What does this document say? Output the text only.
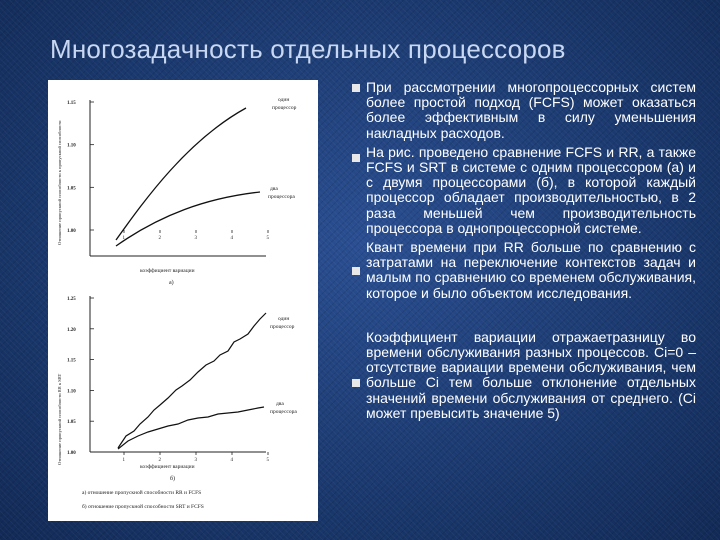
Многозадачность отдельных процессоров
Отношение пропускной способности к пропускной способности
1.15
1.10
1.05
1.00
1	2	3	4	5
один
процессор
два
процессора
коэффициент вариации
a)
Отношение пропускной способности RR к SRT
1.25
1.20
1.15
1.10
1.05
1.00
1	2	3	4	5
один
процессор
два
процессора
коэффициент вариации
б)
а) отношение пропускной способности RR и FCFS
б) отношение пропускной способности SRT и FCFS

При рассмотрении многопроцессорных систем более простой подход (FCFS) может оказаться более эффективным в силу уменьшения накладных расходов.

На рис. проведено сравнение FCFS и RR, а также FCFS и SRT в системе с одним процессором (а) и с двумя процессорами (б), в которой каждый процессор обладает производительностью, в 2 раза меньшей чем производительность процессора в однопроцессорной системе.

Квант времени при RR больше по сравнению с затратами на переключение контекстов задач и малым по сравнению со временем обслуживания, которое и было объектом исследования.

Коэффициент вариации отражаетразницу во времени обслуживания разных процессов. Ci=0 – отсутствие вариации времени обслуживания, чем больше Ci тем больше отклонение отдельных значений времени обслуживания от среднего. (Ci может превысить значение 5)
